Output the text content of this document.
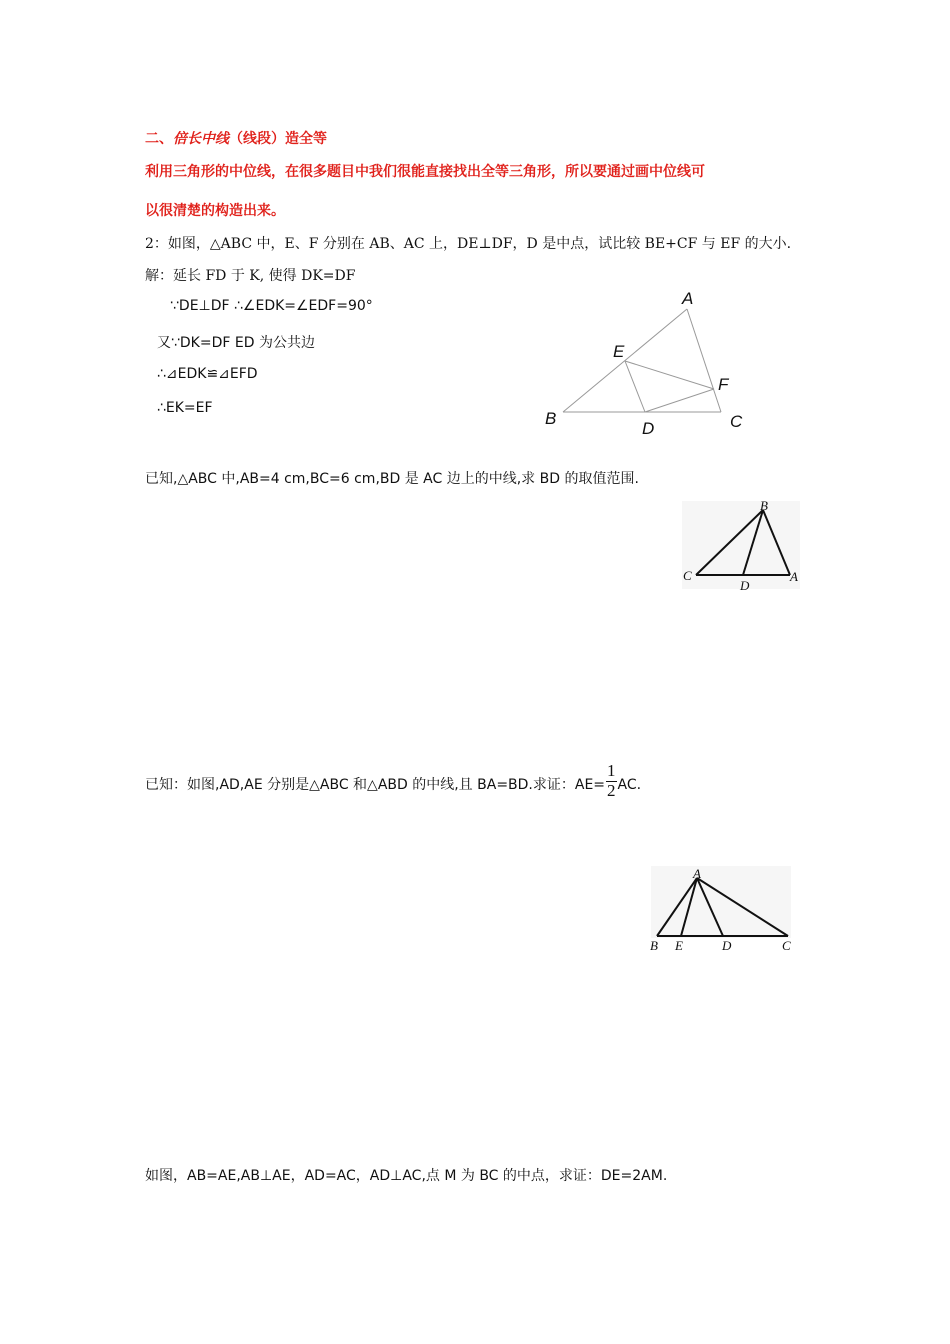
二、倍长中线（线段）造全等
利用三角形的中位线，在很多题目中我们很能直接找出全等三角形，所以要通过画中位线可
以很清楚的构造出来。
2：如图，△ABC 中，E、F 分别在 AB、AC 上，DE⊥DF，D 是中点，试比较 BE+CF 与 EF 的大小.
解：延长 FD 于 K, 使得 DK=DF
∵DE⊥DF ∴∠EDK=∠EDF=90°
又∵DK=DF ED 为公共边
∴⊿EDK≌⊿EFD
∴EK=EF
A
E
F
B
D	C
已知,△ABC 中,AB=4 cm,BC=6 cm,BD 是 AC 边上的中线,求 BD 的取值范围.
B
C
D
A
已知：如图,AD,AE 分别是△ABC 和△ABD 的中线,且 BA=BD.求证：$AE= \frac{1}{2}$ AC.
A
B E	D	C
如图，AB=AE,AB⊥AE，AD=AC，AD⊥AC,点 M 为 BC 的中点，求证：DE=2AM.
